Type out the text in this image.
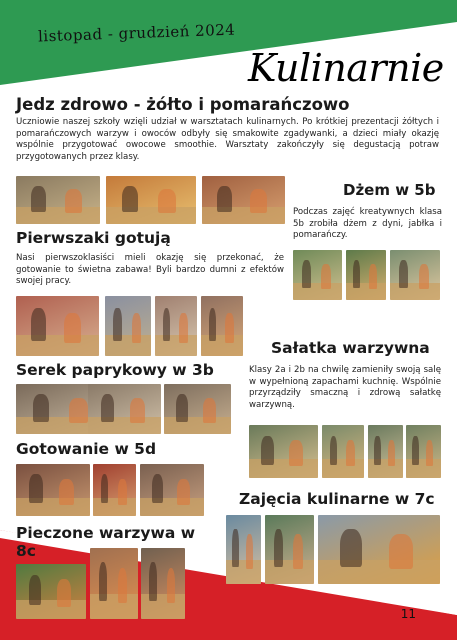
listopad - grudzień 2024
Kulinarnie
Jedz zdrowo - żółto i pomarańczowo

Uczniowie naszej szkoły wzięli udział w warsztatach kulinarnych. Po krótkiej prezentacji żółtych i pomarańczowych warzyw i owoców odbyły się smakowite zgadywanki, a dzieci miały okazję wspólnie przygotować owocowe smoothie. Warsztaty zakończyły się degustacją potraw przygotowanych przez klasy.

Dżem w 5b

Podczas zajęć kreatywnych klasa 5b zrobiła dżem z dyni, jabłka i pomarańczy.

Pierwszaki gotują

Nasi pierwszoklasiści mieli okazję się przekonać, że gotowanie to świetna zabawa! Byli bardzo dumni z efektów swojej pracy.

Sałatka warzywna

Klasy 2a i 2b na chwilę zamieniły swoją salę w wypełnioną zapachami kuchnię. Wspólnie przyrządziły smaczną i zdrową sałatkę warzywną.

Serek paprykowy w 3b
Gotowanie w 5d
Zajęcia kulinarne w 7c
Pieczone warzywa w 8c
11
